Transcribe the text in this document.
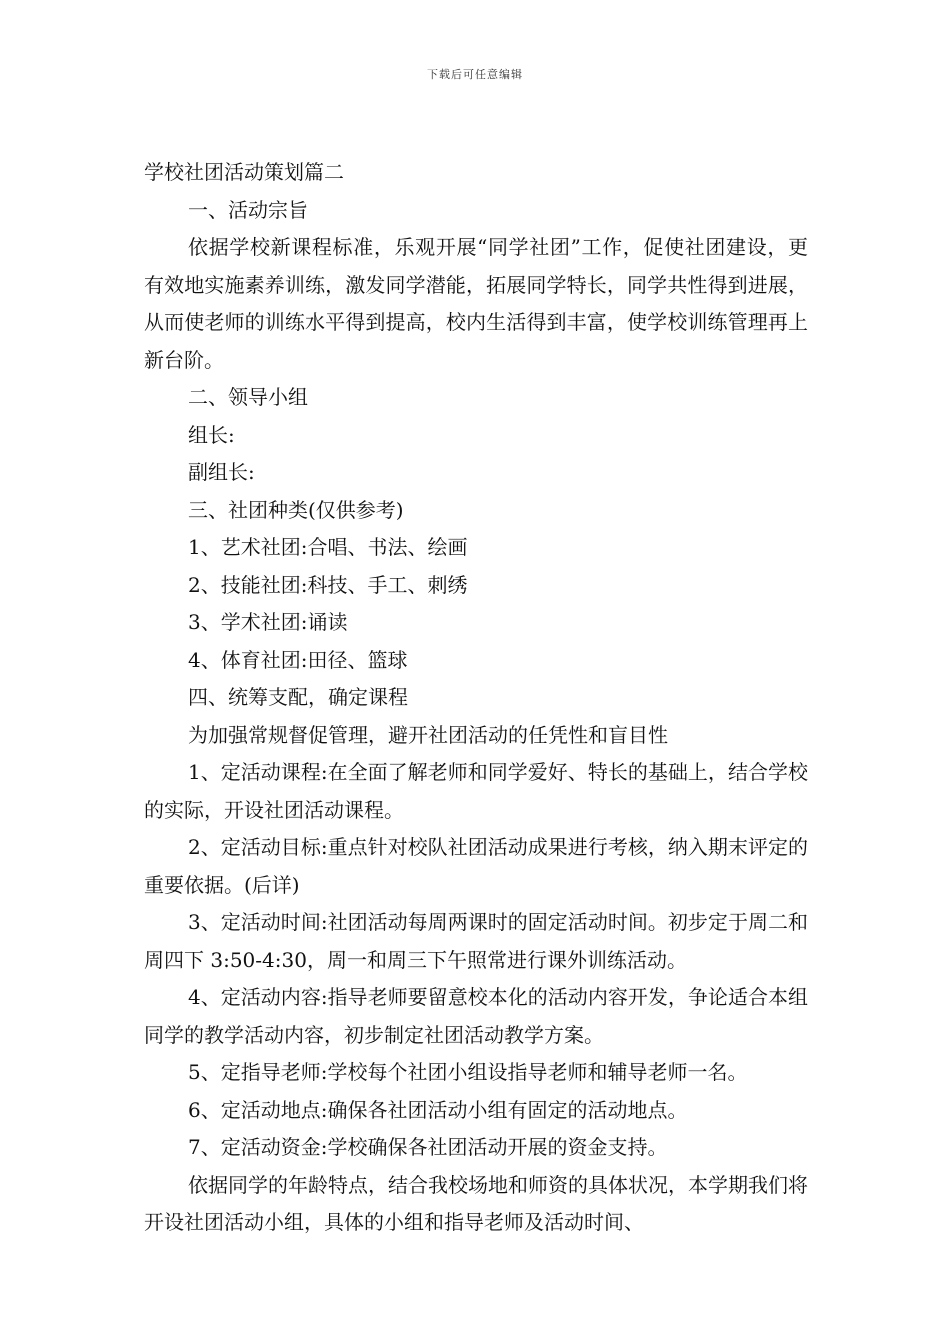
下载后可任意编辑

学校社团活动策划篇二

一、活动宗旨

依据学校新课程标准，乐观开展“同学社团”工作，促使社团建设，更有效地实施素养训练，激发同学潜能，拓展同学特长，同学共性得到进展，从而使老师的训练水平得到提高，校内生活得到丰富，使学校训练管理再上新台阶。

二、领导小组

组长:

副组长:

三、社团种类(仅供参考)

1、艺术社团:合唱、书法、绘画

2、技能社团:科技、手工、刺绣

3、学术社团:诵读

4、体育社团:田径、篮球

四、统筹支配，确定课程

为加强常规督促管理，避开社团活动的任凭性和盲目性

1、定活动课程:在全面了解老师和同学爱好、特长的基础上，结合学校的实际，开设社团活动课程。

2、定活动目标:重点针对校队社团活动成果进行考核，纳入期末评定的重要依据。(后详)

3、定活动时间:社团活动每周两课时的固定活动时间。初步定于周二和周四下 3:50-4:30，周一和周三下午照常进行课外训练活动。

4、定活动内容:指导老师要留意校本化的活动内容开发，争论适合本组同学的教学活动内容，初步制定社团活动教学方案。

5、定指导老师:学校每个社团小组设指导老师和辅导老师一名。

6、定活动地点:确保各社团活动小组有固定的活动地点。

7、定活动资金:学校确保各社团活动开展的资金支持。

依据同学的年龄特点，结合我校场地和师资的具体状况，本学期我们将开设社团活动小组，具体的小组和指导老师及活动时间、
